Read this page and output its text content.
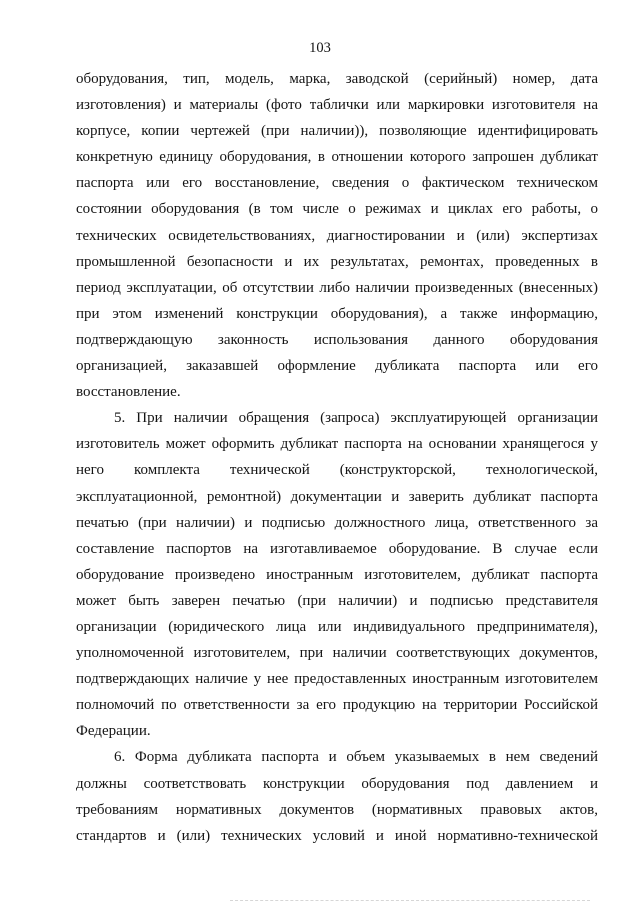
103
оборудования, тип, модель, марка, заводской (серийный) номер, дата
изготовления) и материалы (фото таблички или маркировки изготовителя на
корпусе, копии чертежей (при наличии)), позволяющие идентифицировать
конкретную единицу оборудования, в отношении которого запрошен дубликат
паспорта или его восстановление, сведения о фактическом техническом
состоянии оборудования (в том числе о режимах и циклах его работы, о
технических освидетельствованиях, диагностировании и (или) экспертизах
промышленной безопасности и их результатах, ремонтах, проведенных в
период эксплуатации, об отсутствии либо наличии произведенных (внесенных)
при этом изменений конструкции оборудования), а также информацию,
подтверждающую законность использования данного оборудования
организацией, заказавшей оформление дубликата паспорта или его
восстановление.
5. При наличии обращения (запроса) эксплуатирующей организации
изготовитель может оформить дубликат паспорта на основании хранящегося у
него комплекта технической (конструкторской, технологической,
эксплуатационной, ремонтной) документации и заверить дубликат паспорта
печатью (при наличии) и подписью должностного лица, ответственного за
составление паспортов на изготавливаемое оборудование. В случае если
оборудование произведено иностранным изготовителем, дубликат паспорта
может быть заверен печатью (при наличии) и подписью представителя
организации (юридического лица или индивидуального предпринимателя),
уполномоченной изготовителем, при наличии соответствующих документов,
подтверждающих наличие у нее предоставленных иностранным изготовителем
полномочий по ответственности за его продукцию на территории Российской
Федерации.
6. Форма дубликата паспорта и объем указываемых в нем сведений
должны соответствовать конструкции оборудования под давлением и
требованиям нормативных документов (нормативных правовых актов,
стандартов и (или) технических условий и иной нормативно-технической
